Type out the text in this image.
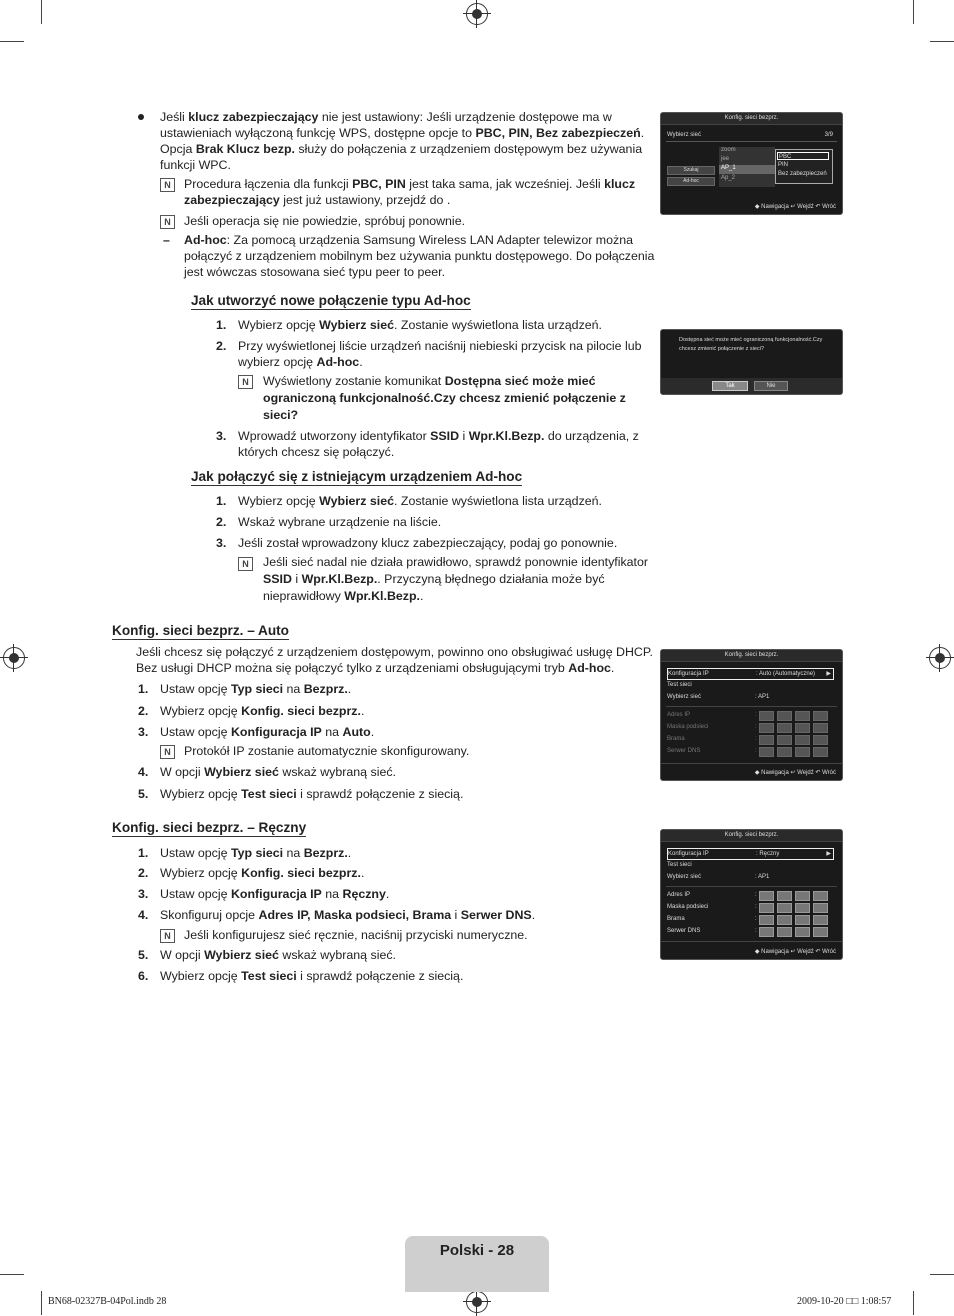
Jeśli klucz zabezpieczający nie jest ustawiony: Jeśli urządzenie dostępowe ma w
ustawieniach wyłączoną funkcję WPS, dostępne opcje to PBC, PIN, Bez zabezpieczeń.
Opcja Brak Klucz bezp. służy do połączenia z urządzeniem dostępowym bez używania
funkcji WPC.
N	Procedura łączenia dla funkcji PBC, PIN jest taka sama, jak wcześniej. Jeśli klucz
zabezpieczający jest już ustawiony, przejdź do .
N	Jeśli operacja się nie powiedzie, spróbuj ponownie.
– Ad-hoc: Za pomocą urządzenia Samsung Wireless LAN Adapter telewizor można
połączyć z urządzeniem mobilnym bez używania punktu dostępowego. Do połączenia
jest wówczas stosowana sieć typu peer to peer.
Jak utworzyć nowe połączenie typu Ad-hoc
1. Wybierz opcję Wybierz sieć. Zostanie wyświetlona lista urządzeń.
2. Przy wyświetlonej liście urządzeń naciśnij niebieski przycisk na pilocie lub
wybierz opcję Ad-hoc.
N	Wyświetlony zostanie komunikat Dostępna sieć może mieć
ograniczoną funkcjonalność.Czy chcesz zmienić połączenie z
sieci?
3. Wprowadź utworzony identyfikator SSID i Wpr.Kl.Bezp. do urządzenia, z
których chcesz się połączyć.
Jak połączyć się z istniejącym urządzeniem Ad-hoc
1. Wybierz opcję Wybierz sieć. Zostanie wyświetlona lista urządzeń.
2. Wskaż wybrane urządzenie na liście.
3. Jeśli został wprowadzony klucz zabezpieczający, podaj go ponownie.
N	Jeśli sieć nadal nie działa prawidłowo, sprawdź ponownie identyfikator
SSID i Wpr.Kl.Bezp.. Przyczyną błędnego działania może być
nieprawidłowy Wpr.Kl.Bezp..
Konfig. sieci bezprz. – Auto
Jeśli chcesz się połączyć z urządzeniem dostępowym, powinno ono obsługiwać usługę DHCP.
Bez usługi DHCP można się połączyć tylko z urządzeniami obsługującymi tryb Ad-hoc.
1. Ustaw opcję Typ sieci na Bezprz..
2. Wybierz opcję Konfig. sieci bezprz..
3. Ustaw opcję Konfiguracja IP na Auto.
N	Protokół IP zostanie automatycznie skonfigurowany.
4. W opcji Wybierz sieć wskaż wybraną sieć.
5. Wybierz opcję Test sieci i sprawdź połączenie z siecią.
Konfig. sieci bezprz. – Ręczny
1. Ustaw opcję Typ sieci na Bezprz..
2. Wybierz opcję Konfig. sieci bezprz..
3. Ustaw opcję Konfiguracja IP na Ręczny.
4. Skonfiguruj opcje Adres IP, Maska podsieci, Brama i Serwer DNS.
N	Jeśli konfigurujesz sieć ręcznie, naciśnij przyciski numeryczne.
5. W opcji Wybierz sieć wskaż wybraną sieć.
6. Wybierz opcję Test sieci i sprawdź połączenie z siecią.
Konfig. sieci bezprz.
Wybierz sieć	3/9
Szukaj
Ad-hoc
zoom
jee
AP_1
Ap_2
PBC
PIN
Bez zabezpieczeń
◆ Nawigacja ↵ Wejdź ↶ Wróć
Dostępna sieć może mieć ograniczoną funkcjonalność.Czy
chcesz zmienić połączenie z sieci?
Tak	Nie
Konfig. sieci bezprz.
Konfiguracja IP	: Auto (Automatyczne) ▶
Test sieci
Wybierz sieć	: AP1
Adres IP	:
Maska podsieci	:
Brama	:
Serwer DNS	:
◆ Nawigacja ↵ Wejdź ↶ Wróć
Konfig. sieci bezprz.
Konfiguracja IP	: Ręczny	▶
Test sieci
Wybierz sieć	: AP1
Adres IP	:
Maska podsieci	:
Brama	:
Serwer DNS	:
◆ Nawigacja ↵ Wejdź ↶ Wróć
Polski - 28
BN68-02327B-04Pol.indb 28	2009-10-20 □□ 1:08:57
